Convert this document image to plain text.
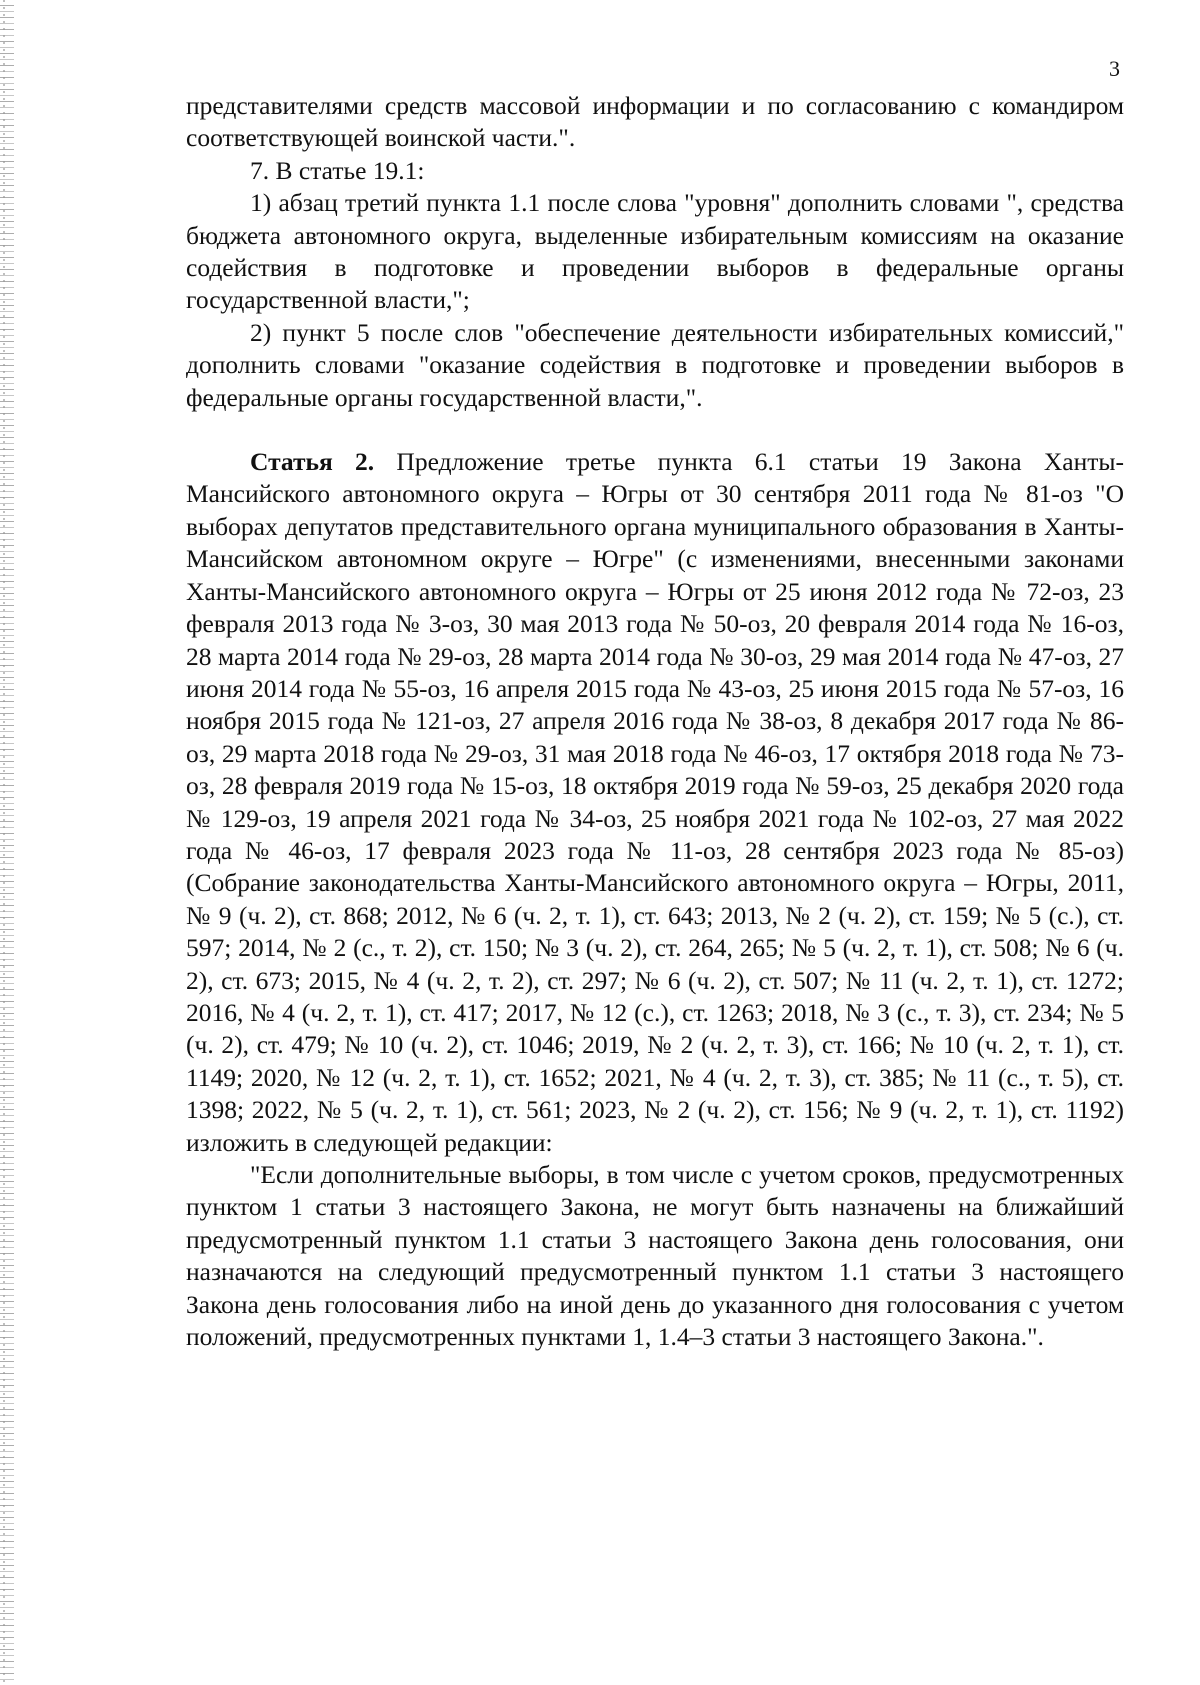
3

представителями средств массовой информации и по согласованию с командиром соответствующей воинской части.".

7. В статье 19.1:

1) абзац третий пункта 1.1 после слова "уровня" дополнить словами ", средства бюджета автономного округа, выделенные избирательным комиссиям на оказание содействия в подготовке и проведении выборов в федеральные органы государственной власти,";

2) пункт 5 после слов "обеспечение деятельности избирательных комиссий," дополнить словами "оказание содействия в подготовке и проведении выборов в федеральные органы государственной власти,".

Статья 2. Предложение третье пункта 6.1 статьи 19 Закона Ханты-Мансийского автономного округа – Югры от 30 сентября 2011 года № 81-оз "О выборах депутатов представительного органа муниципального образования в Ханты-Мансийском автономном округе – Югре" (с изменениями, внесенными законами Ханты-Мансийского автономного округа – Югры от 25 июня 2012 года № 72-оз, 23 февраля 2013 года № 3-оз, 30 мая 2013 года № 50-оз, 20 февраля 2014 года № 16-оз, 28 марта 2014 года № 29-оз, 28 марта 2014 года № 30-оз, 29 мая 2014 года № 47-оз, 27 июня 2014 года № 55-оз, 16 апреля 2015 года № 43-оз, 25 июня 2015 года № 57-оз, 16 ноября 2015 года № 121-оз, 27 апреля 2016 года № 38-оз, 8 декабря 2017 года № 86-оз, 29 марта 2018 года № 29-оз, 31 мая 2018 года № 46-оз, 17 октября 2018 года № 73-оз, 28 февраля 2019 года № 15-оз, 18 октября 2019 года № 59-оз, 25 декабря 2020 года № 129-оз, 19 апреля 2021 года № 34-оз, 25 ноября 2021 года № 102-оз, 27 мая 2022 года № 46-оз, 17 февраля 2023 года № 11-оз, 28 сентября 2023 года № 85-оз) (Собрание законодательства Ханты-Мансийского автономного округа – Югры, 2011, № 9 (ч. 2), ст. 868; 2012, № 6 (ч. 2, т. 1), ст. 643; 2013, № 2 (ч. 2), ст. 159; № 5 (с.), ст. 597; 2014, № 2 (с., т. 2), ст. 150; № 3 (ч. 2), ст. 264, 265; № 5 (ч. 2, т. 1), ст. 508; № 6 (ч. 2), ст. 673; 2015, № 4 (ч. 2, т. 2), ст. 297; № 6 (ч. 2), ст. 507; № 11 (ч. 2, т. 1), ст. 1272; 2016, № 4 (ч. 2, т. 1), ст. 417; 2017, № 12 (с.), ст. 1263; 2018, № 3 (с., т. 3), ст. 234; № 5 (ч. 2), ст. 479; № 10 (ч. 2), ст. 1046; 2019, № 2 (ч. 2, т. 3), ст. 166; № 10 (ч. 2, т. 1), ст. 1149; 2020, № 12 (ч. 2, т. 1), ст. 1652; 2021, № 4 (ч. 2, т. 3), ст. 385; № 11 (с., т. 5), ст. 1398; 2022, № 5 (ч. 2, т. 1), ст. 561; 2023, № 2 (ч. 2), ст. 156; № 9 (ч. 2, т. 1), ст. 1192) изложить в следующей редакции:

"Если дополнительные выборы, в том числе с учетом сроков, предусмотренных пунктом 1 статьи 3 настоящего Закона, не могут быть назначены на ближайший предусмотренный пунктом 1.1 статьи 3 настоящего Закона день голосования, они назначаются на следующий предусмотренный пунктом 1.1 статьи 3 настоящего Закона день голосования либо на иной день до указанного дня голосования с учетом положений, предусмотренных пунктами 1, 1.4–3 статьи 3 настоящего Закона.".
